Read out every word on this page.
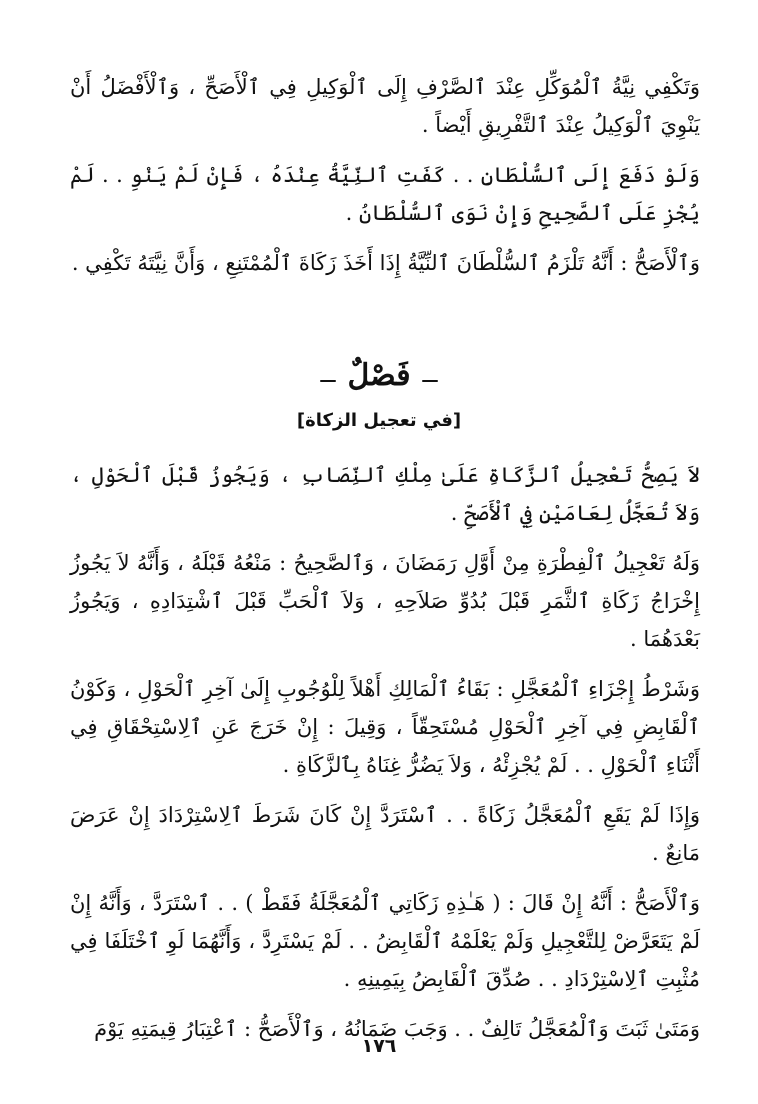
وَتَكْفِي نِيَّةُ ٱلْمُوَكِّلِ عِنْدَ ٱلصَّرْفِ إِلَى ٱلْوَكِيلِ فِي ٱلْأَصَحِّ ، وَٱلْأَفْضَلُ أَنْ يَنْوِيَ ٱلْوَكِيلُ عِنْدَ ٱلتَّفْرِيقِ أَيْضاً .

وَلَوْ دَفَعَ إِلَى ٱلسُّلْطَانِ . . كَفَتِ ٱلنِّيَّةُ عِنْدَهُ ، فَإِنْ لَمْ يَنْوِ . . لَمْ يُجْزِ عَلَى ٱلصَّحِيحِ وَإِنْ نَوَى ٱلسُّلْطَانُ .

وَٱلْأَصَحُّ : أَنَّهُ تَلْزَمُ ٱلسُّلْطَانَ ٱلنِّيَّةُ إِذَا أَخَذَ زَكَاةَ ٱلْمُمْتَنِعِ ، وَأَنَّ نِيَّتَهُ تَكْفِي .

فَصْلٌ
[في تعجيل الزكاة]

لاَ يَصِحُّ تَعْجِيلُ ٱلزَّكَاةِ عَلَىٰ مِلْكِ ٱلنِّصَابِ ، وَيَجُوزُ قَبْلَ ٱلْحَوْلِ ، وَلاَ تُعَجَّلُ لِعَامَيْنِ فِي ٱلْأَصَحِّ .

وَلَهُ تَعْجِيلُ ٱلْفِطْرَةِ مِنْ أَوَّلِ رَمَضَانَ ، وَٱلصَّحِيحُ : مَنْعُهُ قَبْلَهُ ، وَأَنَّهُ لاَ يَجُوزُ إِخْرَاجُ زَكَاةِ ٱلثَّمَرِ قَبْلَ بُدُوِّ صَلاَحِهِ ، وَلاَ ٱلْحَبِّ قَبْلَ ٱشْتِدَادِهِ ، وَيَجُوزُ بَعْدَهُمَا .

وَشَرْطُ إِجْزَاءِ ٱلْمُعَجَّلِ : بَقَاءُ ٱلْمَالِكِ أَهْلاً لِلْوُجُوبِ إِلَىٰ آخِرِ ٱلْحَوْلِ ، وَكَوْنُ ٱلْقَابِضِ فِي آخِرِ ٱلْحَوْلِ مُسْتَحِقّاً ، وَقِيلَ : إِنْ خَرَجَ عَنِ ٱلِاسْتِحْقَاقِ فِي أَثْنَاءِ ٱلْحَوْلِ . . لَمْ يُجْزِئْهُ ، وَلاَ يَضُرُّ غِنَاهُ بِٱلزَّكَاةِ .

وَإِذَا لَمْ يَقَعِ ٱلْمُعَجَّلُ زَكَاةً . . ٱسْتَرَدَّ إِنْ كَانَ شَرَطَ ٱلِاسْتِرْدَادَ إِنْ عَرَضَ مَانِعٌ .

وَٱلْأَصَحُّ : أَنَّهُ إِنْ قَالَ : ( هَـٰذِهِ زَكَاتِي ٱلْمُعَجَّلَةُ فَقَطْ ) . . ٱسْتَرَدَّ ، وَأَنَّهُ إِنْ لَمْ يَتَعَرَّضْ لِلتَّعْجِيلِ وَلَمْ يَعْلَمْهُ ٱلْقَابِضُ . . لَمْ يَسْتَرِدَّ ، وَأَنَّهُمَا لَوِ ٱخْتَلَفَا فِي مُثْبِتِ ٱلِاسْتِرْدَادِ . . صُدِّقَ ٱلْقَابِضُ بِيَمِينِهِ .

وَمَتَىٰ ثَبَتَ وَٱلْمُعَجَّلُ تَالِفٌ . . وَجَبَ ضَمَانُهُ ، وَٱلْأَصَحُّ : ٱعْتِبَارُ قِيمَتِهِ يَوْمَ

١٧٦
